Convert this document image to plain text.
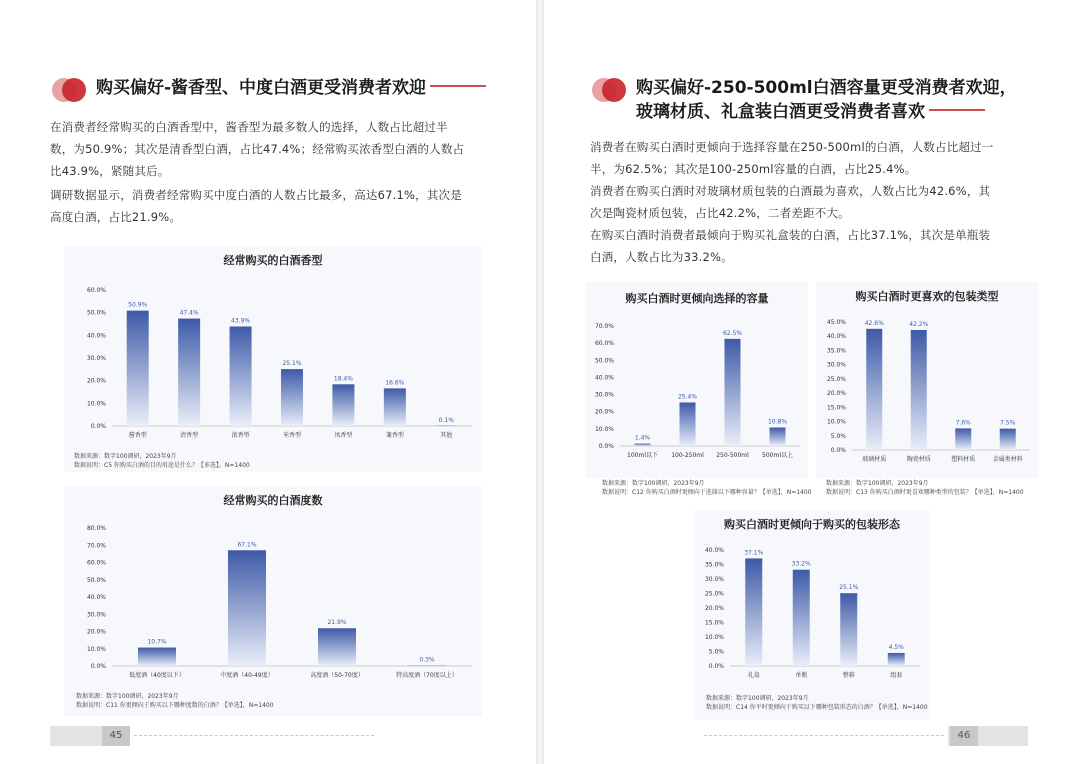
购买偏好-酱香型、中度白酒更受消费者欢迎
在消费者经常购买的白酒香型中，酱香型为最多数人的选择，人数占比超过半
数，为50.9%；其次是清香型白酒，占比47.4%；经常购买浓香型白酒的人数占
比43.9%，紧随其后。
调研数据显示，消费者经常购买中度白酒的人数占比最多，高达67.1%，其次是
高度白酒，占比21.9%。
经常购买的白酒香型
0.0%
10.0%
20.0%
30.0%
40.0%
50.0%
60.0%
50.9%
酱香型
47.4%
清香型
43.9%
浓香型
25.1%
米香型
18.4%
凤香型
16.6%
兼香型
0.1%
其他
数据来源：数字100调研，2023年9月
数据说明：C5 你购买白酒的目的用途是什么？【多选】，N=1400
经常购买的白酒度数
0.0%
10.0%
20.0%
30.0%
40.0%
50.0%
60.0%
70.0%
80.0%
10.7%
低度酒（40度以下）
67.1%
中度酒（40-49度）
21.9%
高度酒（50-70度）
0.3%
特高度酒（70度以上）
数据来源：数字100调研，2023年9月
数据说明：C11 你更倾向于购买以下哪种度数的白酒？【单选】，N=1400
45
购买偏好-250-500ml白酒容量更受消费者欢迎，
玻璃材质、礼盒装白酒更受消费者喜欢
消费者在购买白酒时更倾向于选择容量在250-500ml的白酒，人数占比超过一
半，为62.5%；其次是100-250ml容量的白酒，占比25.4%。
消费者在购买白酒时对玻璃材质包装的白酒最为喜欢，人数占比为42.6%，其
次是陶瓷材质包装，占比42.2%，二者差距不大。
在购买白酒时消费者最倾向于购买礼盒装的白酒，占比37.1%，其次是单瓶装
白酒，人数占比为33.2%。
购买白酒时更倾向选择的容量
0.0%
10.0%
20.0%
30.0%
40.0%
50.0%
60.0%
70.0%
1.4%
100ml以下
25.4%
100-250ml
62.5%
250-500ml
10.8%
500ml以上
数据来源：数字100调研，2023年9月
数据说明：C12 你购买白酒时更倾向于选择以下哪种容量？【单选】，N=1400
购买白酒时更喜欢的包装类型
0.0%
5.0%
10.0%
15.0%
20.0%
25.0%
30.0%
35.0%
40.0%
45.0%	42.6%
玻璃材质
42.2%
陶瓷材质
7.6%
塑料材质
7.5%
金属类材料
数据来源：数字100调研，2023年9月
数据说明：C13 你购买白酒时更喜欢哪种类型的包装？【单选】，N=1400
购买白酒时更倾向于购买的包装形态
0.0%
5.0%
10.0%
15.0%
20.0%
25.0%
30.0%
35.0%
40.0%	37.1%
礼盒
33.2%
单瓶
25.1%
整箱
4.5%
组套
数据来源：数字100调研，2023年9月
数据说明：C14 你平时更倾向于购买以下哪种包装形态的白酒？【单选】，N=1400
46
